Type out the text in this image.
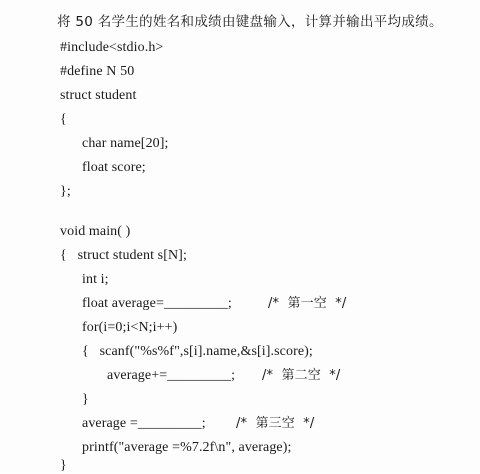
将 50 名学生的姓名和成绩由键盘输入，计算并输出平均成绩。
#include<stdio.h>
#define N 50
struct student
{
char name[20];
float score;
};
void main( )
{   struct student s[N];
int i;
float average=_________;	/*  第一空  */
for(i=0;i<N;i++)
{   scanf("%s%f",s[i].name,&s[i].score);
average+=_________; /*  第二空  */
}
average =_________; /*  第三空  */
printf("average =%7.2f\n", average);
}
